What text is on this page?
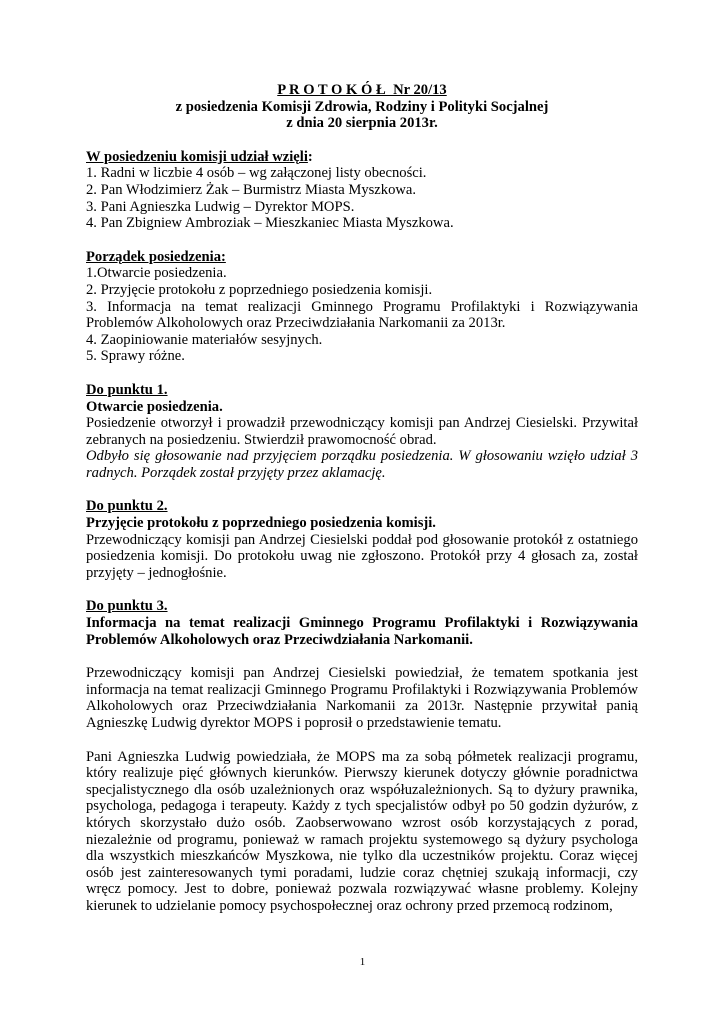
P R O T O K Ó Ł  Nr 20/13
z posiedzenia Komisji Zdrowia, Rodziny i Polityki Socjalnej
z dnia 20 sierpnia 2013r.
W posiedzeniu komisji udział wzięli:
1. Radni w liczbie 4 osób – wg załączonej listy obecności.
2. Pan Włodzimierz Żak – Burmistrz Miasta Myszkowa.
3. Pani Agnieszka Ludwig – Dyrektor MOPS.
4. Pan Zbigniew Ambroziak – Mieszkaniec Miasta Myszkowa.
Porządek posiedzenia:
1.Otwarcie posiedzenia.
2. Przyjęcie protokołu z poprzedniego posiedzenia komisji.
3. Informacja na temat realizacji Gminnego Programu Profilaktyki i Rozwiązywania Problemów Alkoholowych oraz Przeciwdziałania Narkomanii za 2013r.
4. Zaopiniowanie materiałów sesyjnych.
5. Sprawy różne.
Do punktu 1.
Otwarcie posiedzenia.

Posiedzenie otworzył i prowadził przewodniczący komisji pan Andrzej Ciesielski. Przywitał zebranych na posiedzeniu. Stwierdził prawomocność obrad.

Odbyło się głosowanie nad przyjęciem porządku posiedzenia. W głosowaniu wzięło udział 3 radnych. Porządek został przyjęty przez aklamację.

Do punktu 2.
Przyjęcie protokołu z poprzedniego posiedzenia komisji.

Przewodniczący komisji pan Andrzej Ciesielski poddał pod głosowanie protokół z ostatniego posiedzenia komisji. Do protokołu uwag nie zgłoszono. Protokół przy 4 głosach za, został przyjęty – jednogłośnie.

Do punktu 3.
Informacja na temat realizacji Gminnego Programu Profilaktyki i Rozwiązywania Problemów Alkoholowych oraz Przeciwdziałania Narkomanii.

Przewodniczący komisji pan Andrzej Ciesielski powiedział, że tematem spotkania jest informacja na temat realizacji Gminnego Programu Profilaktyki i Rozwiązywania Problemów Alkoholowych oraz Przeciwdziałania Narkomanii za 2013r. Następnie przywitał panią Agnieszkę Ludwig dyrektor MOPS i poprosił o przedstawienie tematu.

Pani Agnieszka Ludwig powiedziała, że MOPS ma za sobą półmetek realizacji programu, który realizuje pięć głównych kierunków. Pierwszy kierunek dotyczy głównie poradnictwa specjalistycznego dla osób uzależnionych oraz współuzależnionych. Są to dyżury prawnika, psychologa, pedagoga i terapeuty. Każdy z tych specjalistów odbył po 50 godzin dyżurów, z których skorzystało dużo osób. Zaobserwowano wzrost osób korzystających z porad, niezależnie od programu, ponieważ w ramach projektu systemowego są dyżury psychologa dla wszystkich mieszkańców Myszkowa, nie tylko dla uczestników projektu. Coraz więcej osób jest zainteresowanych tymi poradami, ludzie coraz chętniej szukają informacji, czy wręcz pomocy. Jest to dobre, ponieważ pozwala rozwiązywać własne problemy. Kolejny kierunek to udzielanie pomocy psychospołecznej oraz ochrony przed przemocą rodzinom,

1
